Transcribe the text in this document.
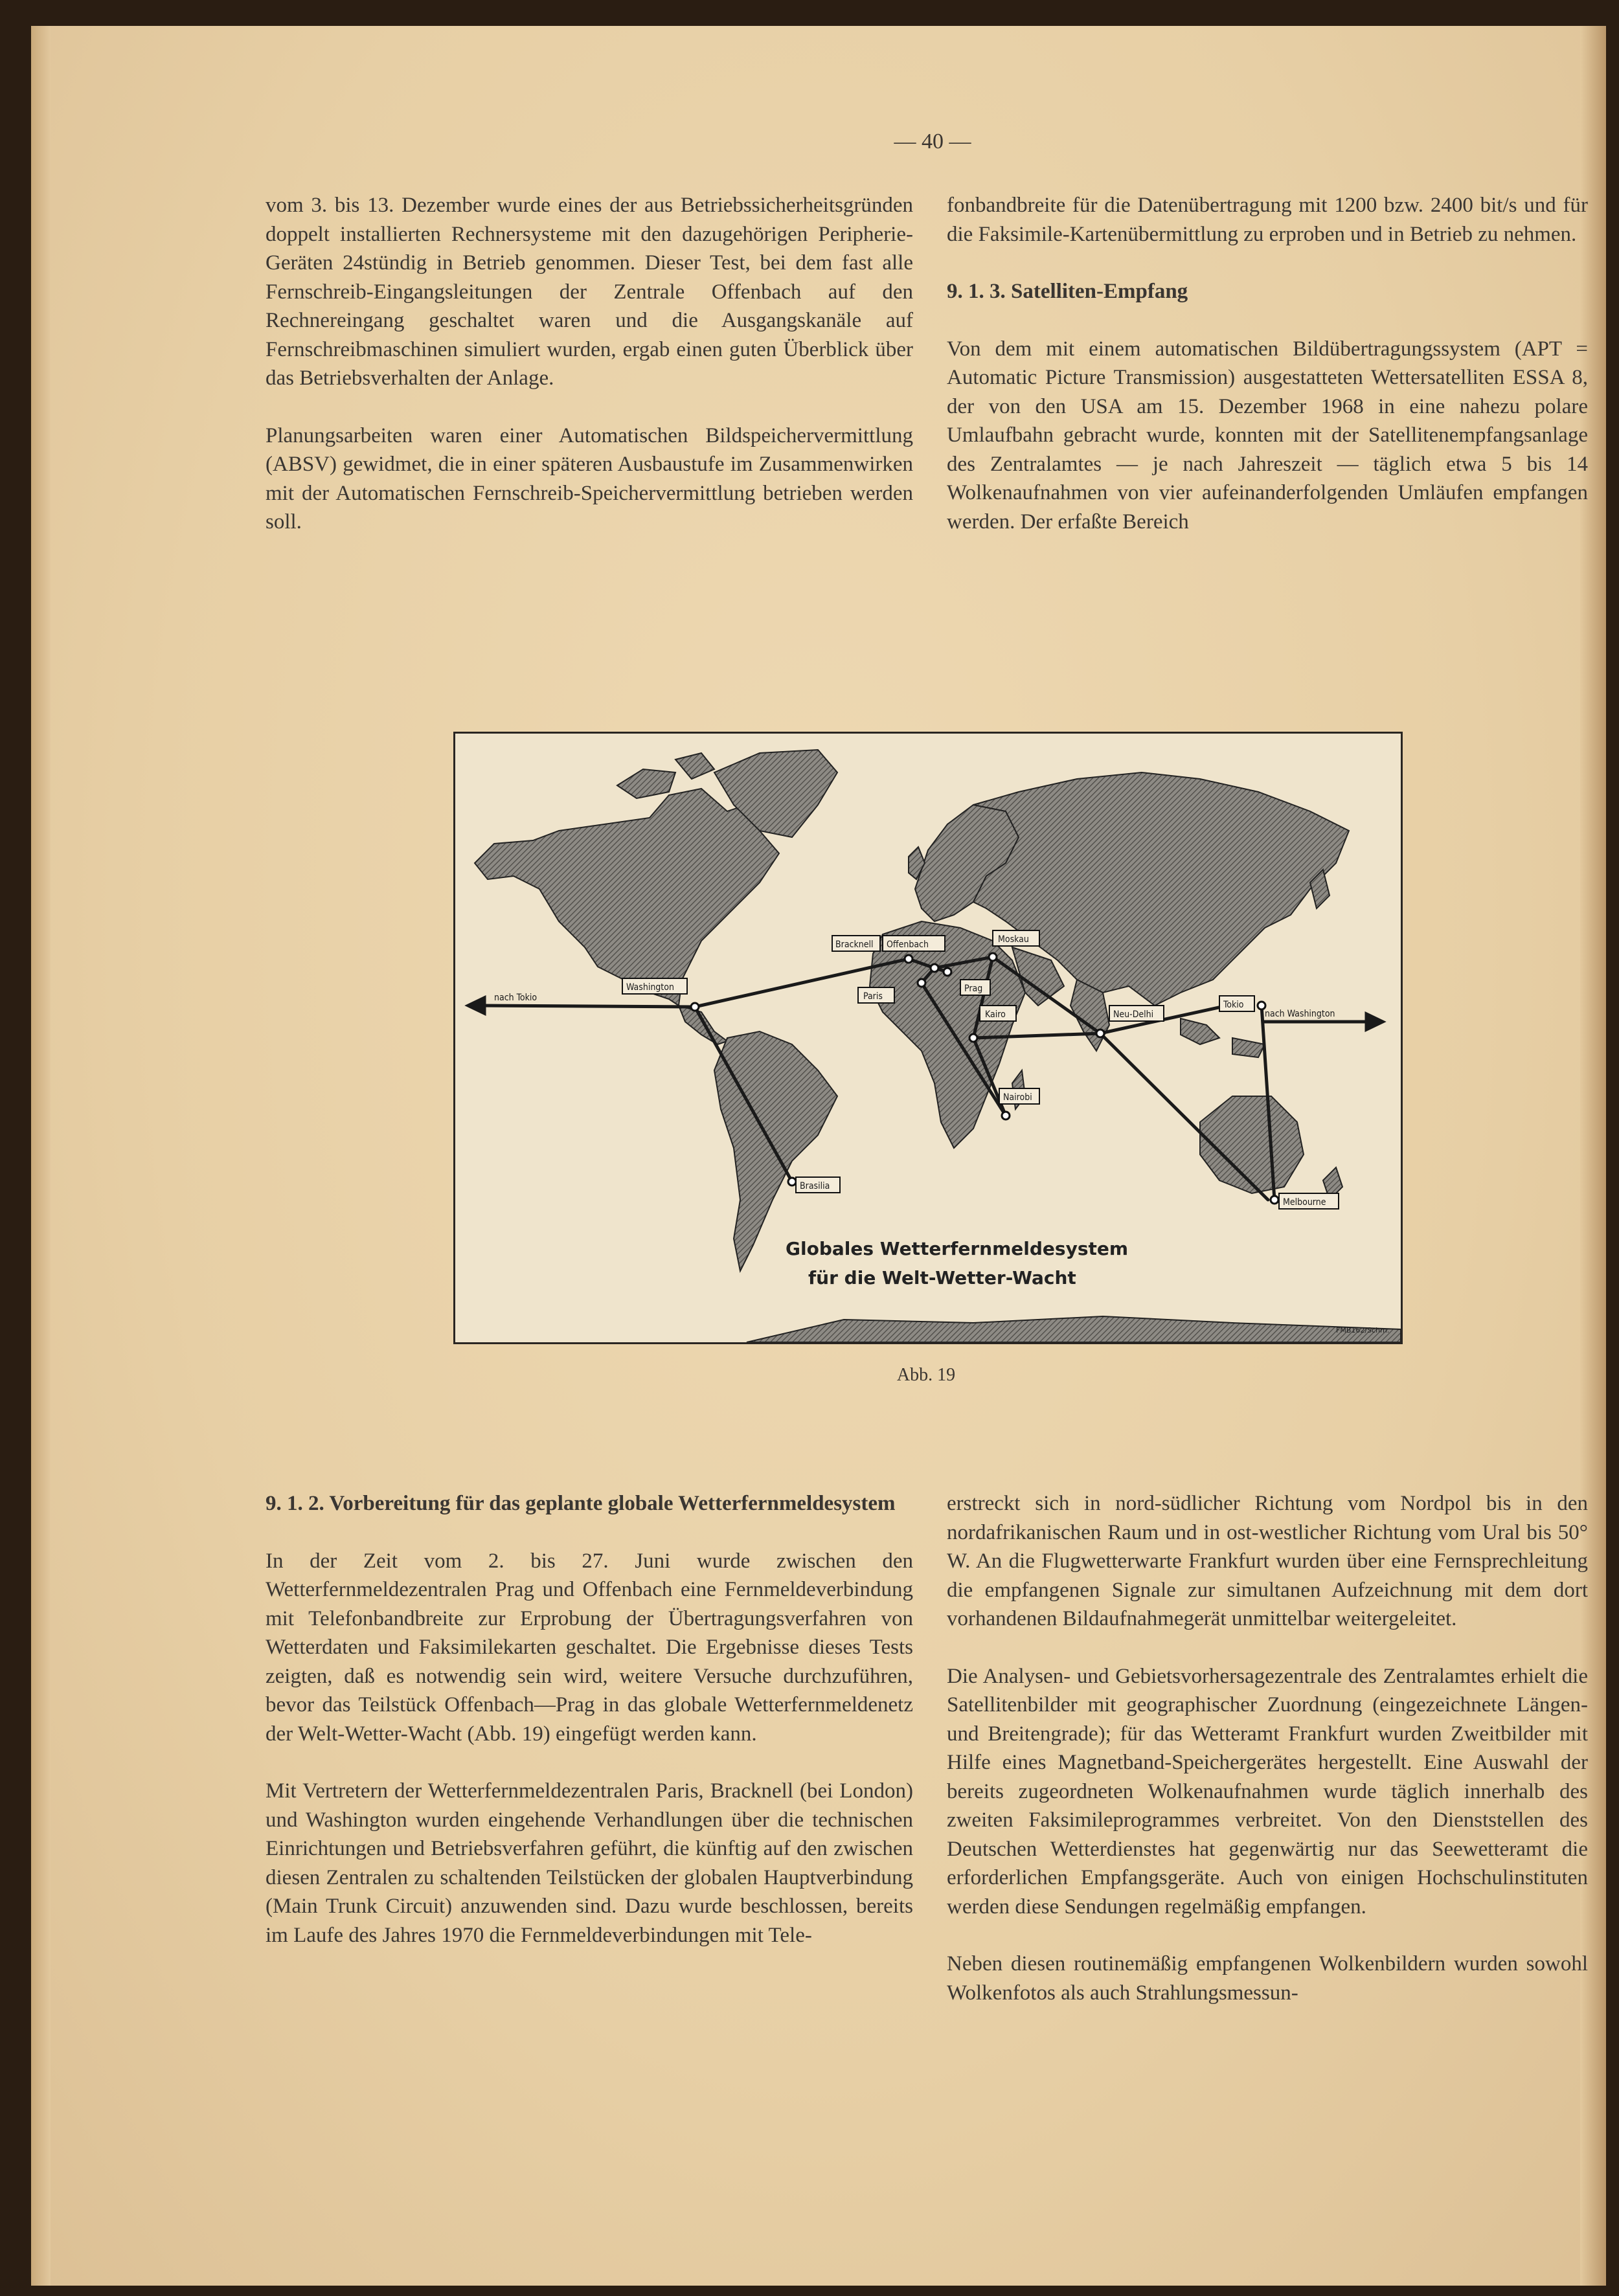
— 40 —

vom 3. bis 13. Dezember wurde eines der aus Betriebssicherheitsgründen doppelt installierten Rechnersysteme mit den dazugehörigen Peripherie-Geräten 24stündig in Betrieb genommen. Dieser Test, bei dem fast alle Fernschreib-Eingangsleitungen der Zentrale Offenbach auf den Rechnereingang geschaltet waren und die Ausgangskanäle auf Fernschreibmaschinen simuliert wurden, ergab einen guten Überblick über das Betriebsverhalten der Anlage.

Planungsarbeiten waren einer Automatischen Bildspeichervermittlung (ABSV) gewidmet, die in einer späteren Ausbaustufe im Zusammenwirken mit der Automatischen Fernschreib-Speichervermittlung betrieben werden soll.

fonbandbreite für die Datenübertragung mit 1200 bzw. 2400 bit/s und für die Faksimile-Kartenübermittlung zu erproben und in Betrieb zu nehmen.

9. 1. 3. Satelliten-Empfang

Von dem mit einem automatischen Bildübertragungssystem (APT = Automatic Picture Transmission) ausgestatteten Wettersatelliten ESSA 8, der von den USA am 15. Dezember 1968 in eine nahezu polare Umlaufbahn gebracht wurde, konnten mit der Satellitenempfangsanlage des Zentralamtes — je nach Jahreszeit — täglich etwa 5 bis 14 Wolkenaufnahmen von vier aufeinanderfolgenden Umläufen empfangen werden. Der erfaßte Bereich

Washington
Brasilia
Bracknell Offenbach	Moskau
Paris
Prag
Kairo
Nairobi
Neu-Delhi
Tokio
Melbourne
nach Tokio
nach Washington
Globales Wetterfernmeldesystem
für die Welt-Wetter-Wacht
FMB162/Schm.
Abb. 19
9. 1. 2. Vorbereitung für das geplante globale Wetterfernmeldesystem

In der Zeit vom 2. bis 27. Juni wurde zwischen den Wetterfernmeldezentralen Prag und Offenbach eine Fernmeldeverbindung mit Telefonbandbreite zur Erprobung der Übertragungsverfahren von Wetterdaten und Faksimilekarten geschaltet. Die Ergebnisse dieses Tests zeigten, daß es notwendig sein wird, weitere Versuche durchzuführen, bevor das Teilstück Offenbach—Prag in das globale Wetterfernmeldenetz der Welt-Wetter-Wacht (Abb. 19) eingefügt werden kann.

Mit Vertretern der Wetterfernmeldezentralen Paris, Bracknell (bei London) und Washington wurden eingehende Verhandlungen über die technischen Einrichtungen und Betriebsverfahren geführt, die künftig auf den zwischen diesen Zentralen zu schaltenden Teilstücken der globalen Hauptverbindung (Main Trunk Circuit) anzuwenden sind. Dazu wurde beschlossen, bereits im Laufe des Jahres 1970 die Fernmeldeverbindungen mit Tele-

erstreckt sich in nord-südlicher Richtung vom Nordpol bis in den nordafrikanischen Raum und in ost-westlicher Richtung vom Ural bis 50° W. An die Flugwetterwarte Frankfurt wurden über eine Fernsprechleitung die empfangenen Signale zur simultanen Aufzeichnung mit dem dort vorhandenen Bildaufnahmegerät unmittelbar weitergeleitet.

Die Analysen- und Gebietsvorhersagezentrale des Zentralamtes erhielt die Satellitenbilder mit geographischer Zuordnung (eingezeichnete Längen- und Breitengrade); für das Wetteramt Frankfurt wurden Zweitbilder mit Hilfe eines Magnetband-Speichergerätes hergestellt. Eine Auswahl der bereits zugeordneten Wolkenaufnahmen wurde täglich innerhalb des zweiten Faksimileprogrammes verbreitet. Von den Dienststellen des Deutschen Wetterdienstes hat gegenwärtig nur das Seewetteramt die erforderlichen Empfangsgeräte. Auch von einigen Hochschulinstituten werden diese Sendungen regelmäßig empfangen.

Neben diesen routinemäßig empfangenen Wolkenbildern wurden sowohl Wolkenfotos als auch Strahlungsmessun-
